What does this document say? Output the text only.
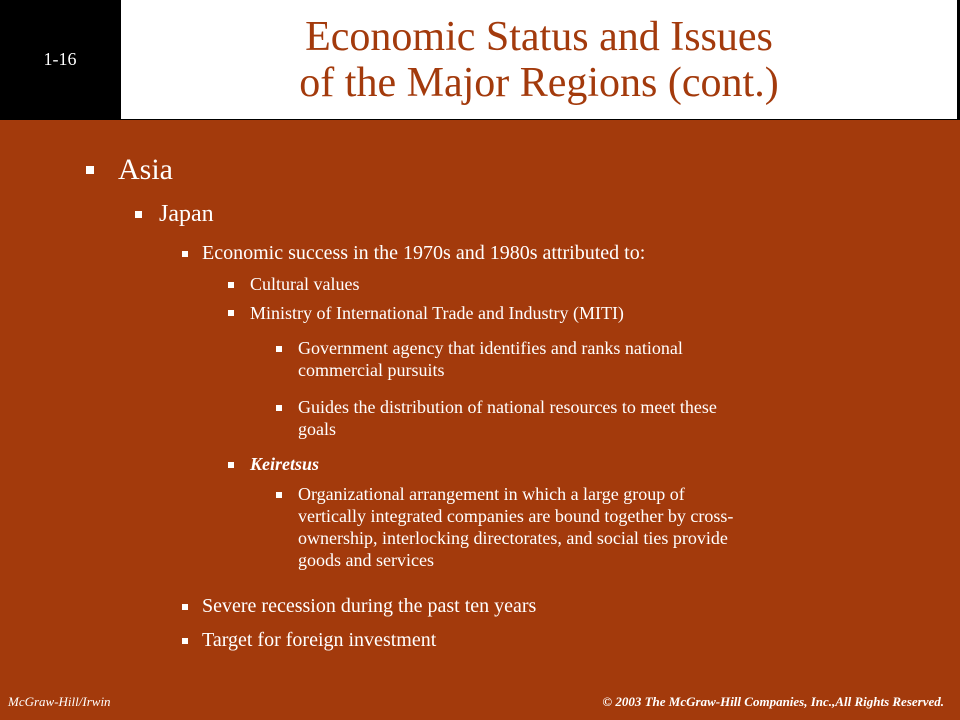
1-16	Economic Status and Issues
of the Major Regions (cont.)
Asia
Japan
Economic success in the 1970s and 1980s attributed to:
Cultural values
Ministry of International Trade and Industry (MITI)
Government agency that identifies and ranks national
commercial pursuits
Guides the distribution of national resources to meet these
goals
Keiretsus
Organizational arrangement in which a large group of
vertically integrated companies are bound together by cross-
ownership, interlocking directorates, and social ties provide
goods and services
Severe recession during the past ten years
Target for foreign investment
McGraw-Hill/Irwin	© 2003 The McGraw-Hill Companies, Inc.,All Rights Reserved.
